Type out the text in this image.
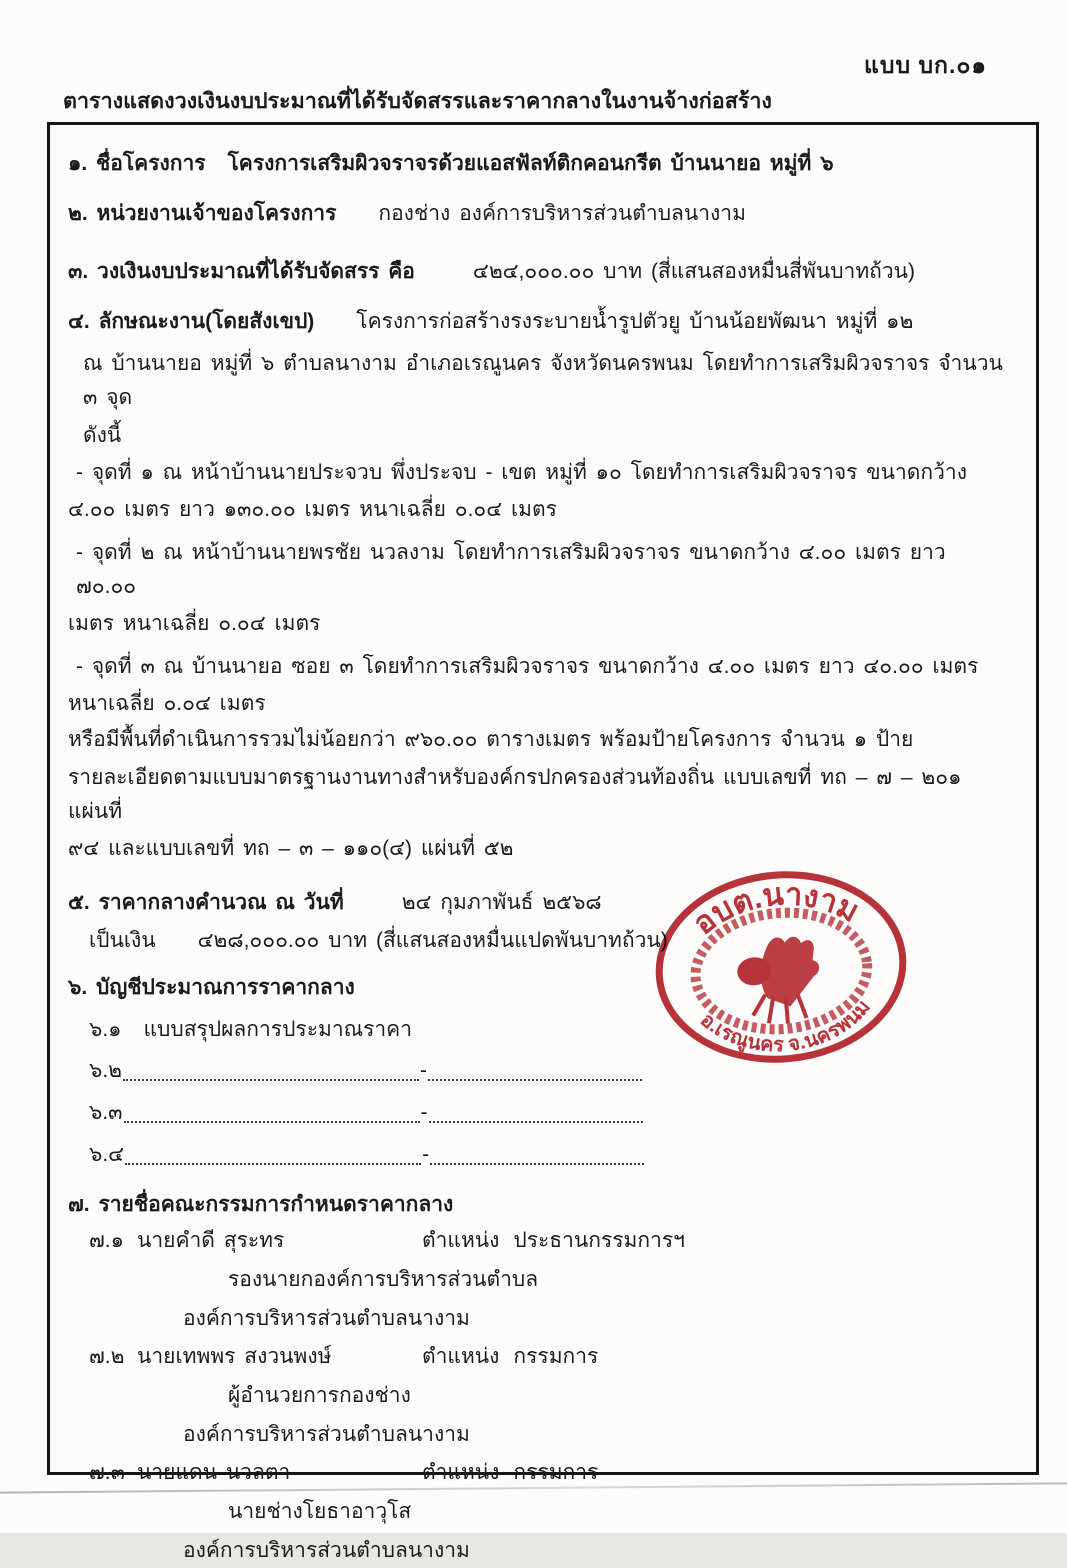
แบบ บก.๐๑
ตารางแสดงวงเงินงบประมาณที่ได้รับจัดสรรและราคากลางในงานจ้างก่อสร้าง

๑. ชื่อโครงการ โครงการเสริมผิวจราจรด้วยแอสฟัลท์ติกคอนกรีต บ้านนายอ หมู่ที่ ๖

๒. หน่วยงานเจ้าของโครงการ กองช่าง องค์การบริหารส่วนตำบลนางาม

๓. วงเงินงบประมาณที่ได้รับจัดสรร คือ	๔๒๔,๐๐๐.๐๐ บาท (สี่แสนสองหมื่นสี่พันบาทถ้วน)

๔. ลักษณะงาน(โดยสังเขป) โครงการก่อสร้างรงระบายน้ำรูปตัวยู บ้านน้อยพัฒนา หมู่ที่ ๑๒

ณ บ้านนายอ หมู่ที่ ๖ ตำบลนางาม อำเภอเรณูนคร จังหวัดนครพนม โดยทำการเสริมผิวจราจร จำนวน ๓ จุด

ดังนี้

- จุดที่ ๑ ณ หน้าบ้านนายประจวบ พึ่งประจบ - เขต หมู่ที่ ๑๐ โดยทำการเสริมผิวจราจร ขนาดกว้าง

๔.๐๐ เมตร ยาว ๑๓๐.๐๐ เมตร หนาเฉลี่ย ๐.๐๔ เมตร

- จุดที่ ๒ ณ หน้าบ้านนายพรชัย นวลงาม โดยทำการเสริมผิวจราจร ขนาดกว้าง ๔.๐๐ เมตร ยาว ๗๐.๐๐

เมตร หนาเฉลี่ย ๐.๐๔ เมตร

- จุดที่ ๓ ณ บ้านนายอ ซอย ๓ โดยทำการเสริมผิวจราจร ขนาดกว้าง ๔.๐๐ เมตร ยาว ๔๐.๐๐ เมตร

หนาเฉลี่ย ๐.๐๔ เมตร

หรือมีพื้นที่ดำเนินการรวมไม่น้อยกว่า ๙๖๐.๐๐ ตารางเมตร พร้อมป้ายโครงการ จำนวน ๑ ป้าย

รายละเอียดตามแบบมาตรฐานงานทางสำหรับองค์กรปกครองส่วนท้องถิ่น แบบเลขที่ ทถ – ๗ – ๒๐๑ แผ่นที่

๙๔ และแบบเลขที่ ทถ – ๓ – ๑๑๐(๔) แผ่นที่ ๕๒

๕. ราคากลางคำนวณ ณ วันที่	๒๔ กุมภาพันธ์ ๒๕๖๘

เป็นเงิน ๔๒๘,๐๐๐.๐๐ บาท (สี่แสนสองหมื่นแปดพันบาทถ้วน)

๖. บัญชีประมาณการราคากลาง

๖.๑ แบบสรุปผลการประมาณราคา

๖.๒	-
๖.๓	-
๖.๔	-

๗. รายชื่อคณะกรรมการกำหนดราคากลาง

๗.๑ นายคำดี สุระทร	ตำแหน่ง ประธานกรรมการฯ

รองนายกองค์การบริหารส่วนตำบล

องค์การบริหารส่วนตำบลนางาม

๗.๒ นายเทพพร สงวนพงษ์	ตำแหน่ง กรรมการ

ผู้อำนวยการกองช่าง

องค์การบริหารส่วนตำบลนางาม

๗.๓ นายแดน นวลตา	ตำแหน่ง กรรมการ

นายช่างโยธาอาวุโส

องค์การบริหารส่วนตำบลนางาม

อบต.นางาม
อ.เรณูนคร จ.นครพนม
